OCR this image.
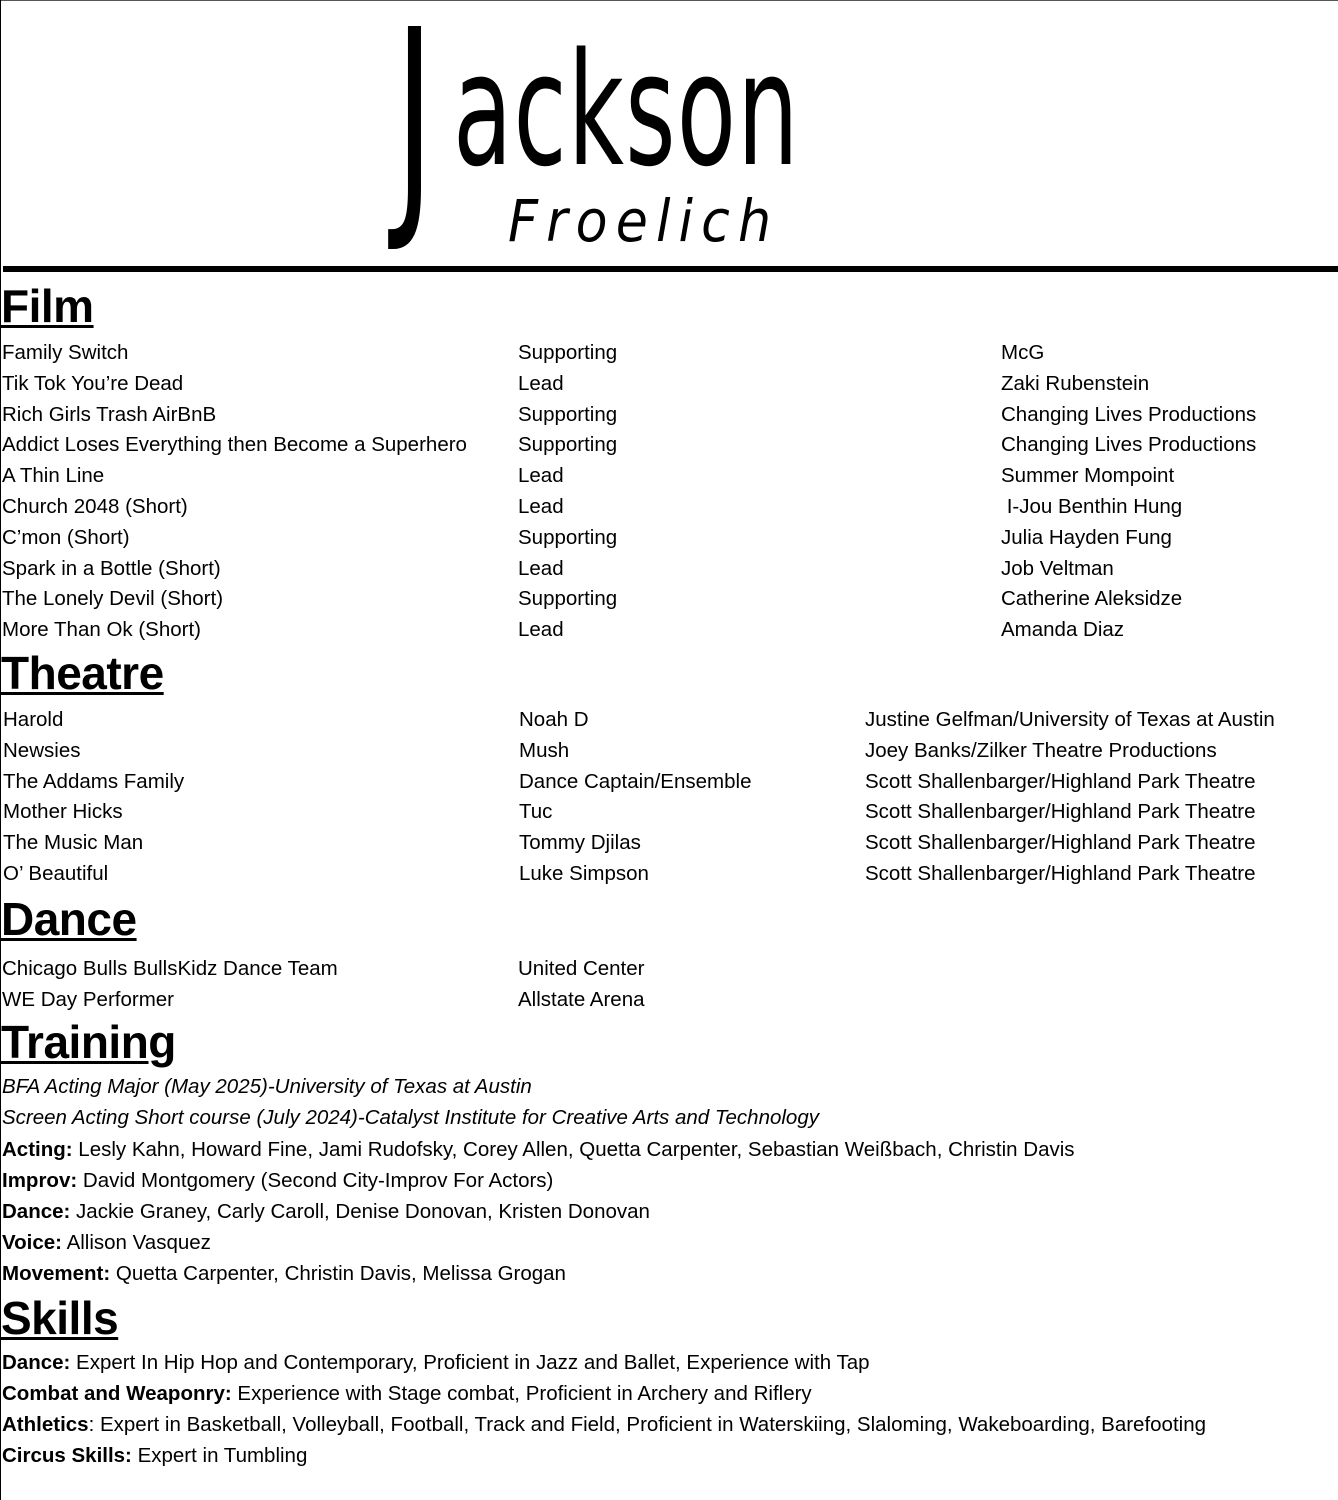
J ackson
Froelich
Film
Family Switch	Supporting	McG
Tik Tok You’re Dead	Lead	Zaki Rubenstein
Rich Girls Trash AirBnB	Supporting	Changing Lives Productions
Addict Loses Everything then Become a Superhero Supporting	Changing Lives Productions
A Thin Line	Lead	Summer Mompoint
Church 2048 (Short)	Lead	I-Jou Benthin Hung
C’mon (Short)	Supporting	Julia Hayden Fung
Spark in a Bottle (Short)	Lead	Job Veltman
The Lonely Devil (Short)	Supporting	Catherine Aleksidze
More Than Ok (Short)	Lead	Amanda Diaz
Theatre
Harold	Noah D	Justine Gelfman/University of Texas at Austin
Newsies	Mush	Joey Banks/Zilker Theatre Productions
The Addams Family	Dance Captain/Ensemble	Scott Shallenbarger/Highland Park Theatre
Mother Hicks	Tuc	Scott Shallenbarger/Highland Park Theatre
The Music Man	Tommy Djilas	Scott Shallenbarger/Highland Park Theatre
O’ Beautiful	Luke Simpson	Scott Shallenbarger/Highland Park Theatre
Dance
Chicago Bulls BullsKidz Dance Team	United Center
WE Day Performer	Allstate Arena
Training
BFA Acting Major (May 2025)-University of Texas at Austin
Screen Acting Short course (July 2024)-Catalyst Institute for Creative Arts and Technology
Acting: Lesly Kahn, Howard Fine, Jami Rudofsky, Corey Allen, Quetta Carpenter, Sebastian Weißbach, Christin Davis
Improv: David Montgomery (Second City-Improv For Actors)
Dance: Jackie Graney, Carly Caroll, Denise Donovan, Kristen Donovan
Voice: Allison Vasquez
Movement: Quetta Carpenter, Christin Davis, Melissa Grogan
Skills
Dance: Expert In Hip Hop and Contemporary, Proficient in Jazz and Ballet, Experience with Tap
Combat and Weaponry: Experience with Stage combat, Proficient in Archery and Riflery
Athletics: Expert in Basketball, Volleyball, Football, Track and Field, Proficient in Waterskiing, Slaloming, Wakeboarding, Barefooting
Circus Skills: Expert in Tumbling
